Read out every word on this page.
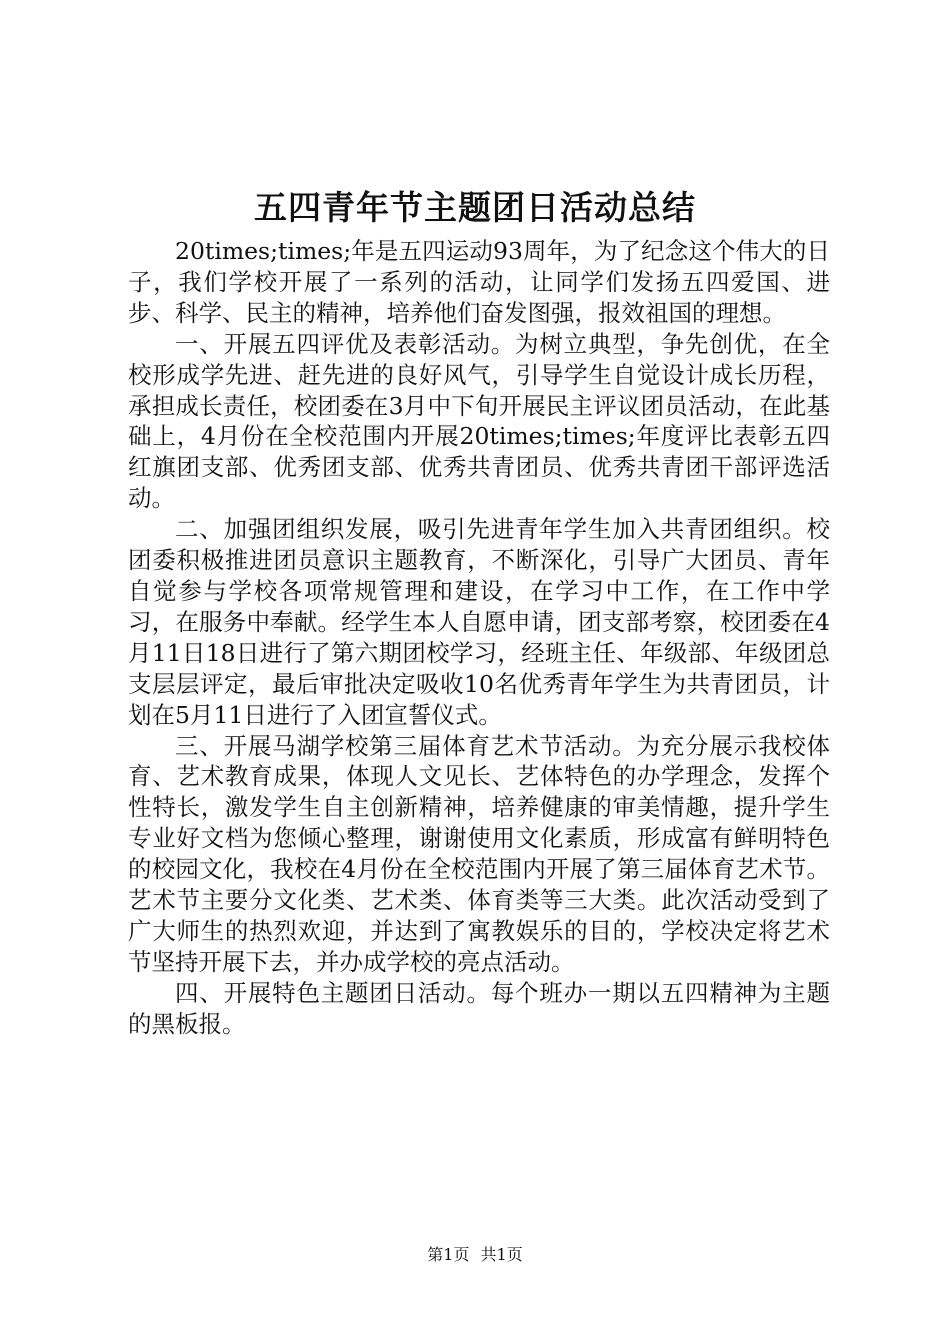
五四青年节主题团日活动总结

20times;times;年是五四运动93周年，为了纪念这个伟大的日子，我们学校开展了一系列的活动，让同学们发扬五四爱国、进步、科学、民主的精神，培养他们奋发图强，报效祖国的理想。

一、开展五四评优及表彰活动。为树立典型，争先创优，在全校形成学先进、赶先进的良好风气，引导学生自觉设计成长历程，承担成长责任，校团委在3月中下旬开展民主评议团员活动，在此基础上，4月份在全校范围内开展20times;times;年度评比表彰五四红旗团支部、优秀团支部、优秀共青团员、优秀共青团干部评选活动。

二、加强团组织发展，吸引先进青年学生加入共青团组织。校团委积极推进团员意识主题教育，不断深化，引导广大团员、青年自觉参与学校各项常规管理和建设，在学习中工作，在工作中学习，在服务中奉献。经学生本人自愿申请，团支部考察，校团委在4月11日18日进行了第六期团校学习，经班主任、年级部、年级团总支层层评定，最后审批决定吸收10名优秀青年学生为共青团员，计划在5月11日进行了入团宣誓仪式。

三、开展马湖学校第三届体育艺术节活动。为充分展示我校体育、艺术教育成果，体现人文见长、艺体特色的办学理念，发挥个性特长，激发学生自主创新精神，培养健康的审美情趣，提升学生专业好文档为您倾心整理，谢谢使用文化素质，形成富有鲜明特色的校园文化，我校在4月份在全校范围内开展了第三届体育艺术节。艺术节主要分文化类、艺术类、体育类等三大类。此次活动受到了广大师生的热烈欢迎，并达到了寓教娱乐的目的，学校决定将艺术节坚持开展下去，并办成学校的亮点活动。

四、开展特色主题团日活动。每个班办一期以五四精神为主题的黑板报。

第1页 共1页
